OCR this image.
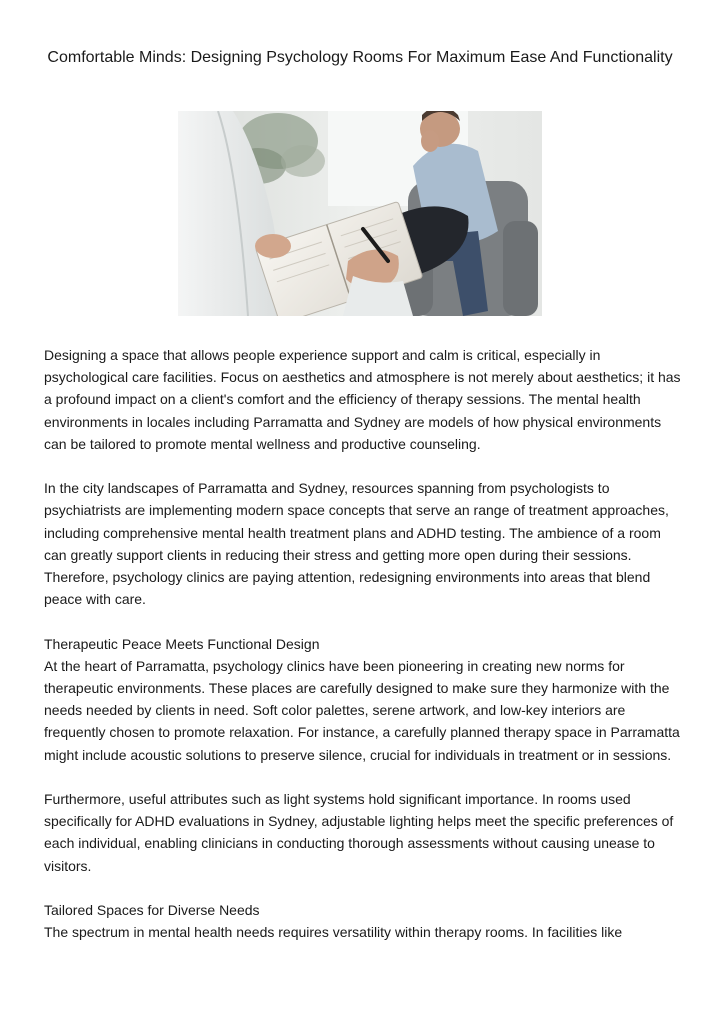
Comfortable Minds: Designing Psychology Rooms For Maximum Ease And Functionality

Designing a space that allows people experience support and calm is critical, especially in psychological care facilities. Focus on aesthetics and atmosphere is not merely about aesthetics; it has a profound impact on a client's comfort and the efficiency of therapy sessions. The mental health environments in locales including Parramatta and Sydney are models of how physical environments can be tailored to promote mental wellness and productive counseling.

In the city landscapes of Parramatta and Sydney, resources spanning from psychologists to psychiatrists are implementing modern space concepts that serve an range of treatment approaches, including comprehensive mental health treatment plans and ADHD testing. The ambience of a room can greatly support clients in reducing their stress and getting more open during their sessions. Therefore, psychology clinics are paying attention, redesigning environments into areas that blend peace with care.

Therapeutic Peace Meets Functional Design

At the heart of Parramatta, psychology clinics have been pioneering in creating new norms for therapeutic environments. These places are carefully designed to make sure they harmonize with the needs needed by clients in need. Soft color palettes, serene artwork, and low-key interiors are frequently chosen to promote relaxation. For instance, a carefully planned therapy space in Parramatta might include acoustic solutions to preserve silence, crucial for individuals in treatment or in sessions.

Furthermore, useful attributes such as light systems hold significant importance. In rooms used specifically for ADHD evaluations in Sydney, adjustable lighting helps meet the specific preferences of each individual, enabling clinicians in conducting thorough assessments without causing unease to visitors.

Tailored Spaces for Diverse Needs

The spectrum in mental health needs requires versatility within therapy rooms. In facilities like
